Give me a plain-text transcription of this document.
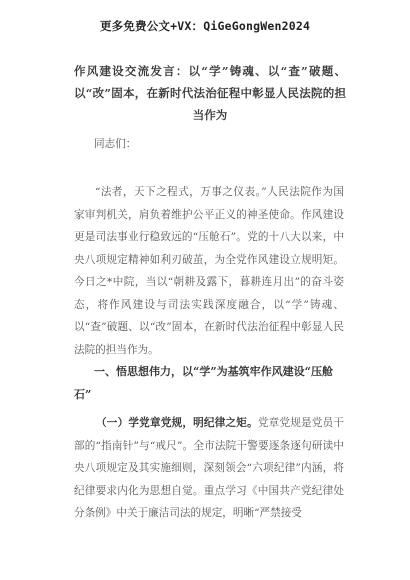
更多免费公文+VX：QiGeGongWen2024
作风建设交流发言：以“学”铸魂、以“查”破题、以“改”固本，在新时代法治征程中彰显人民法院的担当作为
同志们：
“法者，天下之程式，万事之仪表。”人民法院作为国家审判机关，肩负着维护公平正义的神圣使命。作风建设更是司法事业行稳致远的“压舱石”。党的十八大以来，中央八项规定精神如利刃破茧，为全党作风建设立规明矩。今日之*中院，当以“朝耕及露下，暮耕连月出”的奋斗姿态，将作风建设与司法实践深度融合，以“学”铸魂、以“查”破题、以“改”固本，在新时代法治征程中彰显人民法院的担当作为。
一、悟思想伟力，以“学”为基筑牢作风建设“压舱石”
（一）学党章党规，明纪律之矩。党章党规是党员干部的“指南针”与“戒尺”。全市法院干警要逐条逐句研读中央八项规定及其实施细则，深刻领会“六项纪律”内涵，将纪律要求内化为思想自觉。重点学习《中国共产党纪律处分条例》中关于廉洁司法的规定，明晰“严禁接受
